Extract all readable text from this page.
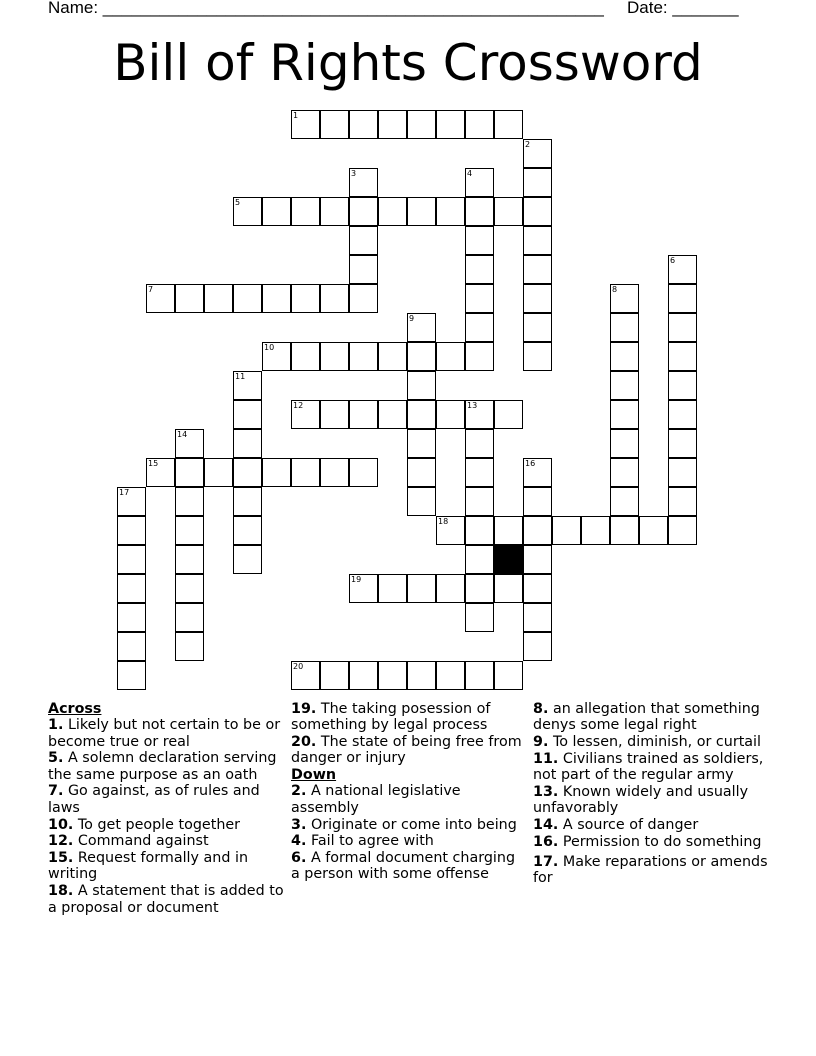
Name: _____________________________________________________ Date: _______
Bill of Rights Crossword
1
2
3	4
5
6
7	8
9
10
11
12	13
14
15	16
17
18
19
20
Across
1. Likely but not certain to be or become true or real
5. A solemn declaration serving the same purpose as an oath
7. Go against, as of rules and laws
10. To get people together
12. Command against
15. Request formally and in writing
18. A statement that is added to a proposal or document
19. The taking posession of something by legal process
20. The state of being free from danger or injury
Down
2. A national legislative assembly
3. Originate or come into being
4. Fail to agree with
6. A formal document charging a person with some offense
8. an allegation that something denys some legal right
9. To lessen, diminish, or curtail
11. Civilians trained as soldiers, not part of the regular army
13. Known widely and usually unfavorably
14. A source of danger
16. Permission to do something
17. Make reparations or amends for
